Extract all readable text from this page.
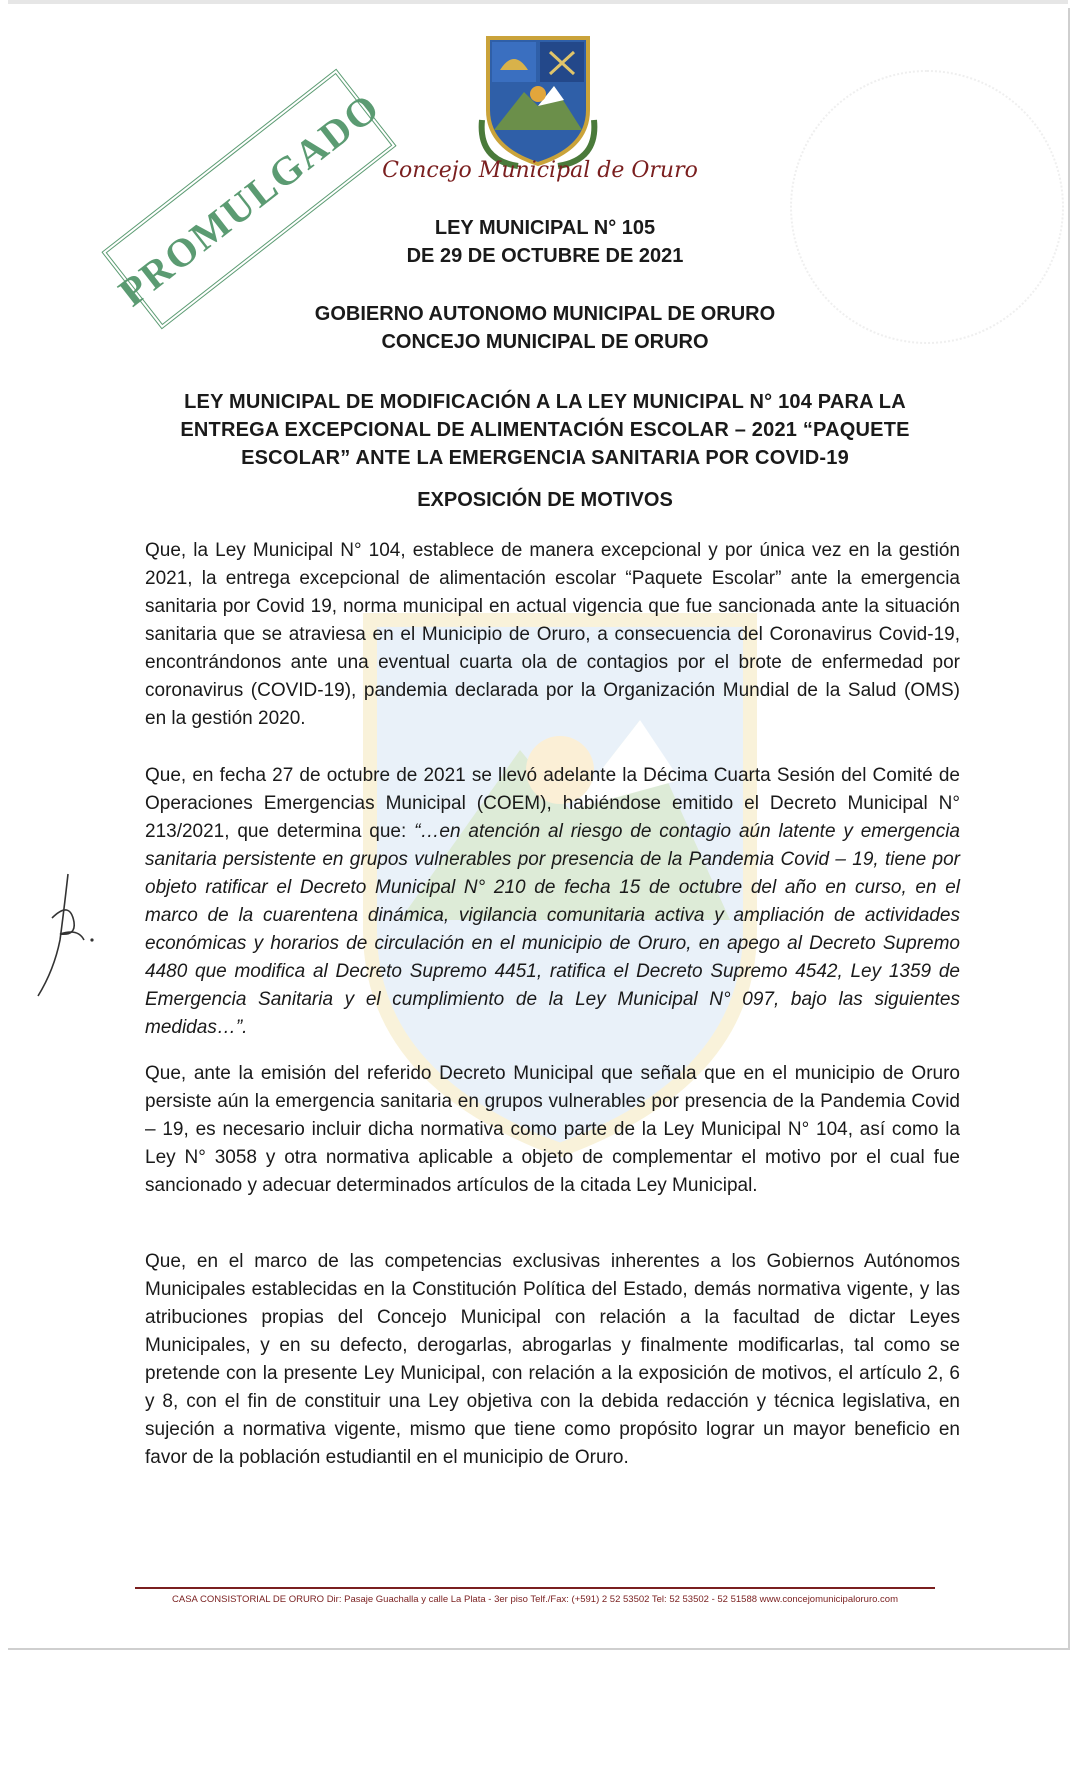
Concejo Municipal de Oruro
PROMULGADO	LEY MUNICIPAL N° 105
DE 29 DE OCTUBRE DE 2021
GOBIERNO AUTONOMO MUNICIPAL DE ORURO
CONCEJO MUNICIPAL DE ORURO
LEY MUNICIPAL DE MODIFICACIÓN A LA LEY MUNICIPAL N° 104 PARA LA
ENTREGA EXCEPCIONAL DE ALIMENTACIÓN ESCOLAR – 2021 “PAQUETE
ESCOLAR” ANTE LA EMERGENCIA SANITARIA POR COVID-19
EXPOSICIÓN DE MOTIVOS
Que, la Ley Municipal N° 104, establece de manera excepcional y por única vez en la gestión 2021, la entrega excepcional de alimentación escolar “Paquete Escolar” ante la emergencia sanitaria por Covid 19, norma municipal en actual vigencia que fue sancionada ante la situación sanitaria que se atraviesa en el Municipio de Oruro, a consecuencia del Coronavirus Covid-19, encontrándonos ante una eventual cuarta ola de contagios por el brote de enfermedad por coronavirus (COVID-19), pandemia declarada por la Organización Mundial de la Salud (OMS) en la gestión 2020.
Que, en fecha 27 de octubre de 2021 se llevó adelante la Décima Cuarta Sesión del Comité de Operaciones Emergencias Municipal (COEM), habiéndose emitido el Decreto Municipal N° 213/2021, que determina que: “…en atención al riesgo de contagio aún latente y emergencia sanitaria persistente en grupos vulnerables por presencia de la Pandemia Covid – 19, tiene por objeto ratificar el Decreto Municipal N° 210 de fecha 15 de octubre del año en curso, en el marco de la cuarentena dinámica, vigilancia comunitaria activa y ampliación de actividades económicas y horarios de circulación en el municipio de Oruro, en apego al Decreto Supremo 4480 que modifica al Decreto Supremo 4451, ratifica el Decreto Supremo 4542, Ley 1359 de Emergencia Sanitaria y el cumplimiento de la Ley Municipal N° 097, bajo las siguientes medidas…”.
Que, ante la emisión del referido Decreto Municipal que señala que en el municipio de Oruro persiste aún la emergencia sanitaria en grupos vulnerables por presencia de la Pandemia Covid – 19, es necesario incluir dicha normativa como parte de la Ley Municipal N° 104, así como la Ley N° 3058 y otra normativa aplicable a objeto de complementar el motivo por el cual fue sancionado y adecuar determinados artículos de la citada Ley Municipal.
Que, en el marco de las competencias exclusivas inherentes a los Gobiernos Autónomos Municipales establecidas en la Constitución Política del Estado, demás normativa vigente, y las atribuciones propias del Concejo Municipal con relación a la facultad de dictar Leyes Municipales, y en su defecto, derogarlas, abrogarlas y finalmente modificarlas, tal como se pretende con la presente Ley Municipal, con relación a la exposición de motivos, el artículo 2, 6 y 8, con el fin de constituir una Ley objetiva con la debida redacción y técnica legislativa, en sujeción a normativa vigente, mismo que tiene como propósito lograr un mayor beneficio en favor de la población estudiantil en el municipio de Oruro.
CASA CONSISTORIAL DE ORURO Dir: Pasaje Guachalla y calle La Plata - 3er piso Telf./Fax: (+591) 2 52 53502 Tel: 52 53502 - 52 51588 www.concejomunicipaloruro.com
